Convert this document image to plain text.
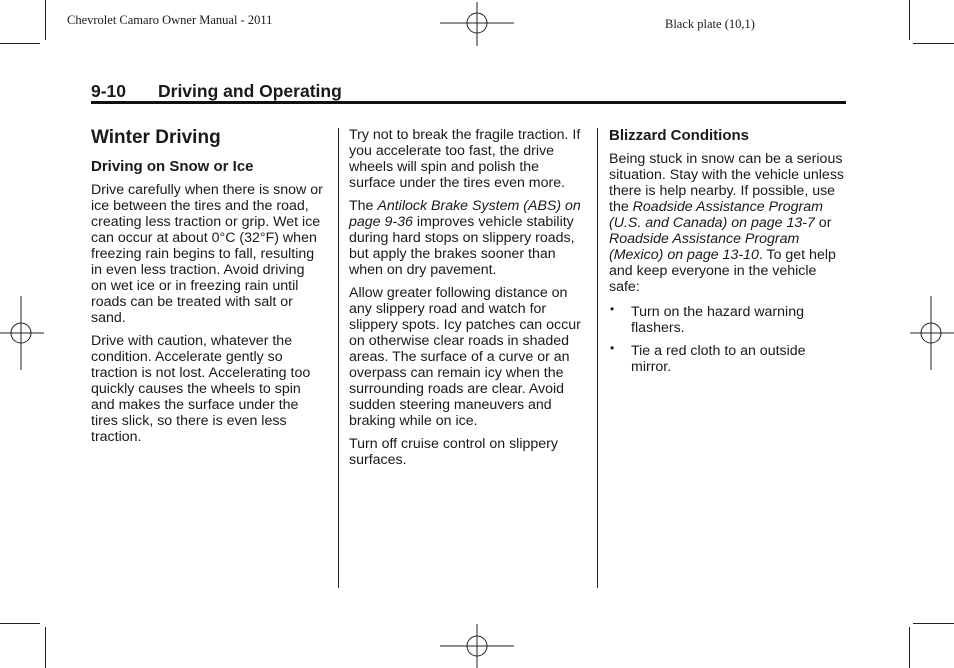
Chevrolet Camaro Owner Manual - 2011	Black plate (10,1)
9-10 Driving and Operating
Winter Driving
Driving on Snow or Ice

Drive carefully when there is snow or ice between the tires and the road, creating less traction or grip. Wet ice can occur at about 0°C (32°F) when freezing rain begins to fall, resulting in even less traction. Avoid driving on wet ice or in freezing rain until roads can be treated with salt or sand.

Drive with caution, whatever the condition. Accelerate gently so traction is not lost. Accelerating too quickly causes the wheels to spin and makes the surface under the tires slick, so there is even less traction.

Try not to break the fragile traction. If you accelerate too fast, the drive wheels will spin and polish the surface under the tires even more.

The Antilock Brake System (ABS) on page 9-36 improves vehicle stability during hard stops on slippery roads, but apply the brakes sooner than when on dry pavement.

Allow greater following distance on any slippery road and watch for slippery spots. Icy patches can occur on otherwise clear roads in shaded areas. The surface of a curve or an overpass can remain icy when the surrounding roads are clear. Avoid sudden steering maneuvers and braking while on ice.

Turn off cruise control on slippery surfaces.

Blizzard Conditions

Being stuck in snow can be a serious situation. Stay with the vehicle unless there is help nearby. If possible, use the Roadside Assistance Program (U.S. and Canada) on page 13-7 or Roadside Assistance Program (Mexico) on page 13-10. To get help and keep everyone in the vehicle safe:

• Turn on the hazard warning flashers.
• Tie a red cloth to an outside mirror.
